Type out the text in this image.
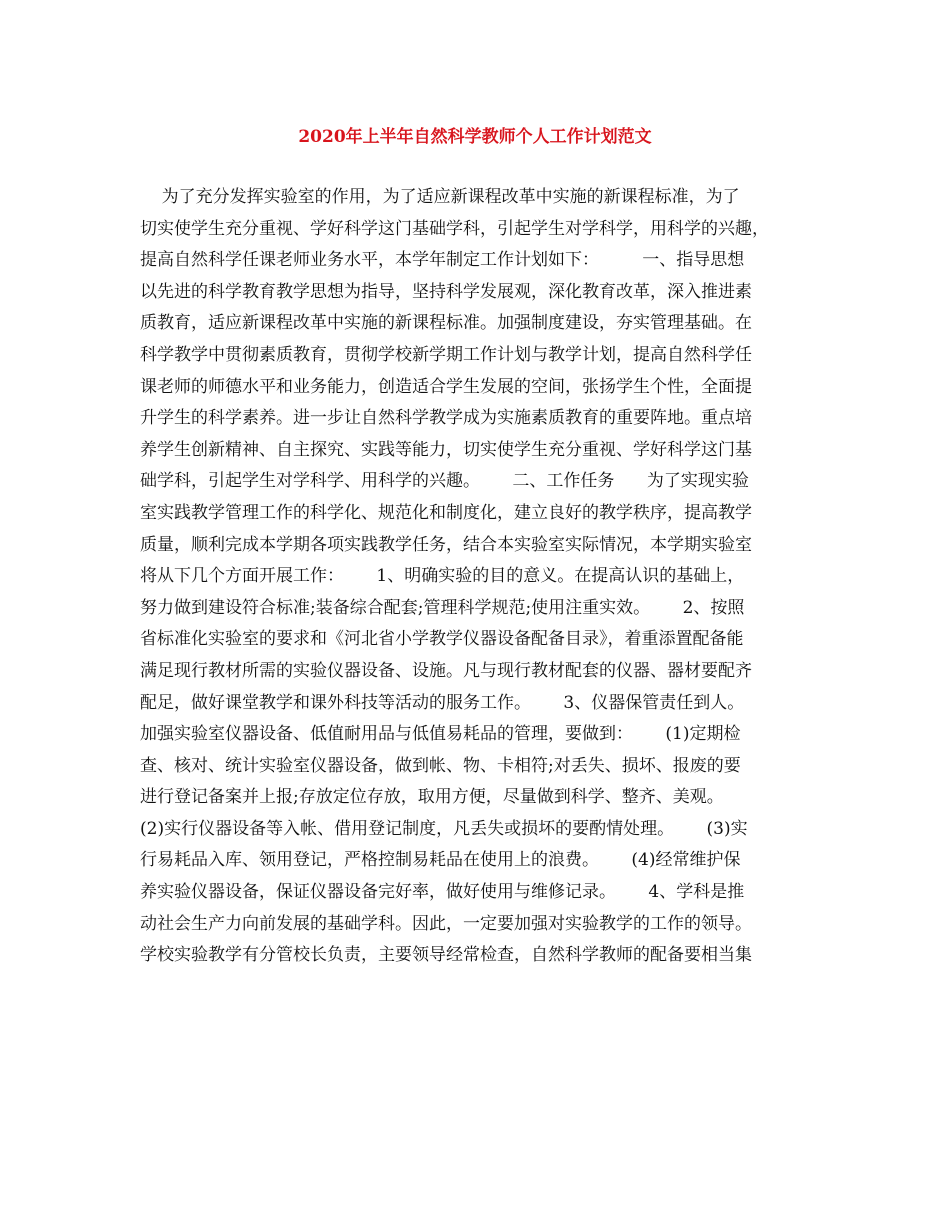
2020年上半年自然科学教师个人工作计划范文
为了充分发挥实验室的作用，为了适应新课程改革中实施的新课程标准，为了
切实使学生充分重视、学好科学这门基础学科，引起学生对学科学，用科学的兴趣，
提高自然科学任课老师业务水平，本学年制定工作计划如下：        一、指导思想
以先进的科学教育教学思想为指导，坚持科学发展观，深化教育改革，深入推进素
质教育，适应新课程改革中实施的新课程标准。加强制度建设，夯实管理基础。在
科学教学中贯彻素质教育，贯彻学校新学期工作计划与教学计划，提高自然科学任
课老师的师德水平和业务能力，创造适合学生发展的空间，张扬学生个性，全面提
升学生的科学素养。进一步让自然科学教学成为实施素质教育的重要阵地。重点培
养学生创新精神、自主探究、实践等能力，切实使学生充分重视、学好科学这门基
础学科，引起学生对学科学、用科学的兴趣。      二、工作任务      为了实现实验
室实践教学管理工作的科学化、规范化和制度化，建立良好的教学秩序，提高教学
质量，顺利完成本学期各项实践教学任务，结合本实验室实际情况，本学期实验室
将从下几个方面开展工作：      1、明确实验的目的意义。在提高认识的基础上，
努力做到建设符合标准;装备综合配套;管理科学规范;使用注重实效。      2、按照
省标准化实验室的要求和《河北省小学教学仪器设备配备目录》，着重添置配备能
满足现行教材所需的实验仪器设备、设施。凡与现行教材配套的仪器、器材要配齐
配足，做好课堂教学和课外科技等活动的服务工作。      3、仪器保管责任到人。
加强实验室仪器设备、低值耐用品与低值易耗品的管理，要做到：      (1)定期检
查、核对、统计实验室仪器设备，做到帐、物、卡相符;对丢失、损坏、报废的要
进行登记备案并上报;存放定位存放，取用方便，尽量做到科学、整齐、美观。
(2)实行仪器设备等入帐、借用登记制度，凡丢失或损坏的要酌情处理。      (3)实
行易耗品入库、领用登记，严格控制易耗品在使用上的浪费。      (4)经常维护保
养实验仪器设备，保证仪器设备完好率，做好使用与维修记录。      4、学科是推
动社会生产力向前发展的基础学科。因此，一定要加强对实验教学的工作的领导。
学校实验教学有分管校长负责，主要领导经常检查，自然科学教师的配备要相当集
